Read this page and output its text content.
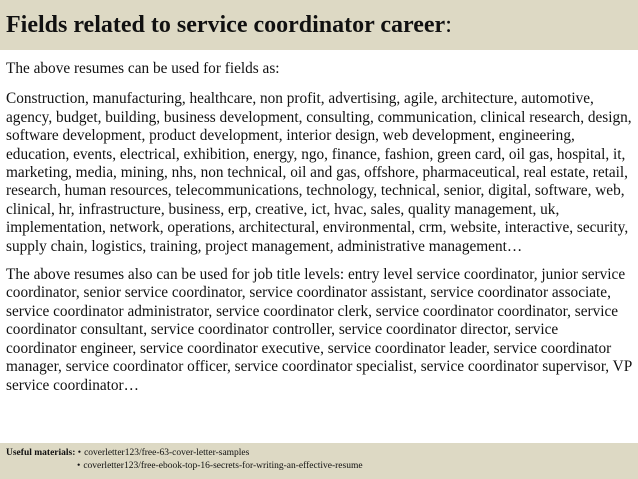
Fields related to service coordinator career:

The above resumes can be used for fields as:

Construction, manufacturing, healthcare, non profit, advertising, agile, architecture, automotive, agency, budget, building, business development, consulting, communication, clinical research, design, software development, product development, interior design, web development, engineering, education, events, electrical, exhibition, energy, ngo, finance, fashion, green card, oil gas, hospital, it, marketing, media, mining, nhs, non technical, oil and gas, offshore, pharmaceutical, real estate, retail, research, human resources, telecommunications, technology, technical, senior, digital, software, web, clinical, hr, infrastructure, business, erp, creative, ict, hvac, sales, quality management, uk, implementation, network, operations, architectural, environmental, crm, website, interactive, security, supply chain, logistics, training, project management, administrative management…

The above resumes also can be used for job title levels: entry level service coordinator, junior service coordinator, senior service coordinator, service coordinator assistant, service coordinator associate, service coordinator administrator, service coordinator clerk, service coordinator coordinator, service coordinator consultant, service coordinator controller, service coordinator director, service coordinator engineer, service coordinator executive, service coordinator leader, service coordinator manager, service coordinator officer, service coordinator specialist, service coordinator supervisor, VP service coordinator…

Useful materials: • coverletter123/free-63-cover-letter-samples
• coverletter123/free-ebook-top-16-secrets-for-writing-an-effective-resume
